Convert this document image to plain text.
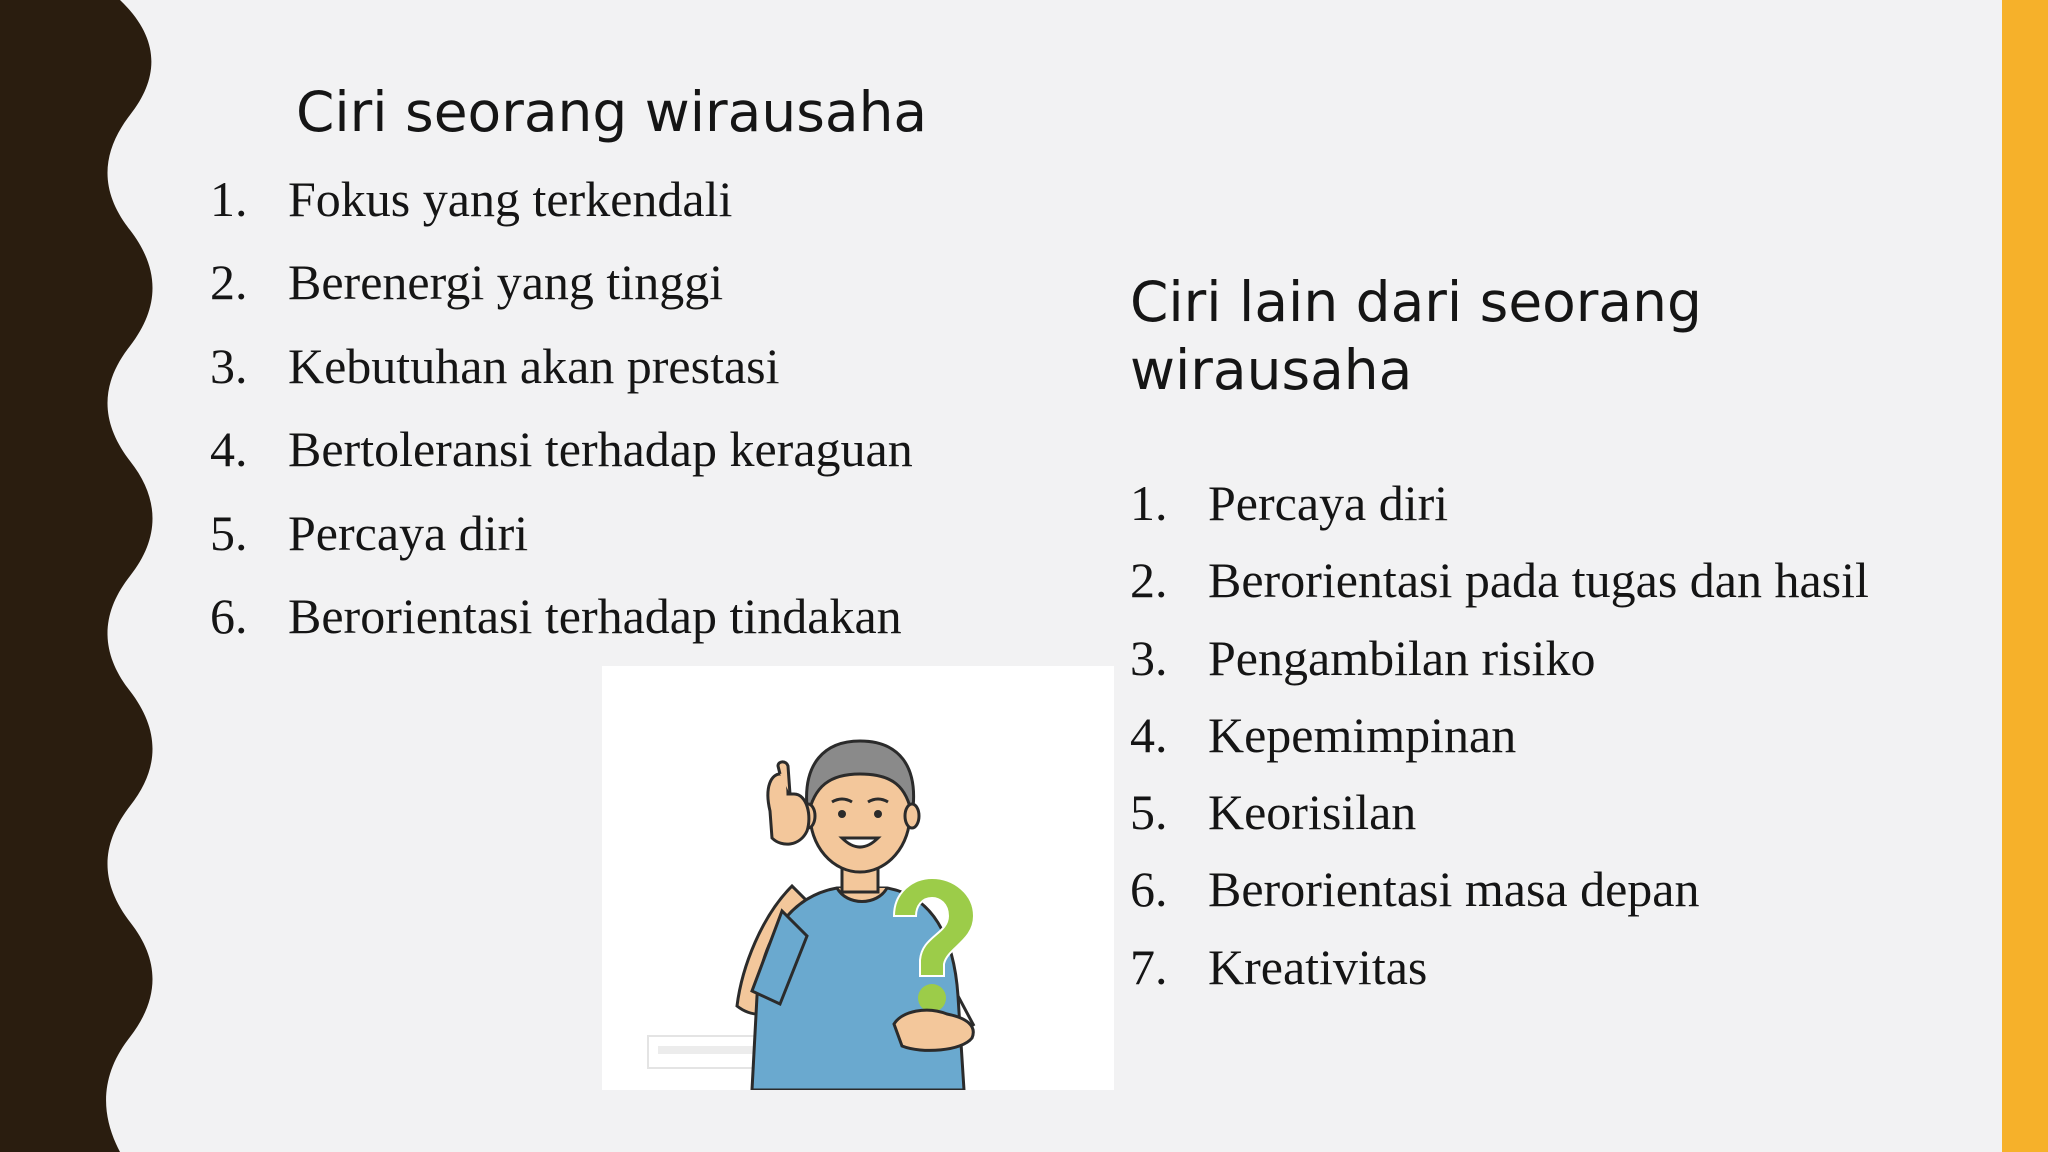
Ciri seorang wirausaha
1. Fokus yang terkendali
2. Berenergi yang tinggi
3. Kebutuhan akan prestasi
4. Bertoleransi terhadap keraguan
5. Percaya diri
6. Berorientasi terhadap tindakan
Ciri lain dari seorang
wirausaha
1. Percaya diri
2. Berorientasi pada tugas dan hasil
3. Pengambilan risiko
4. Kepemimpinan
5. Keorisilan
6. Berorientasi masa depan
7. Kreativitas
